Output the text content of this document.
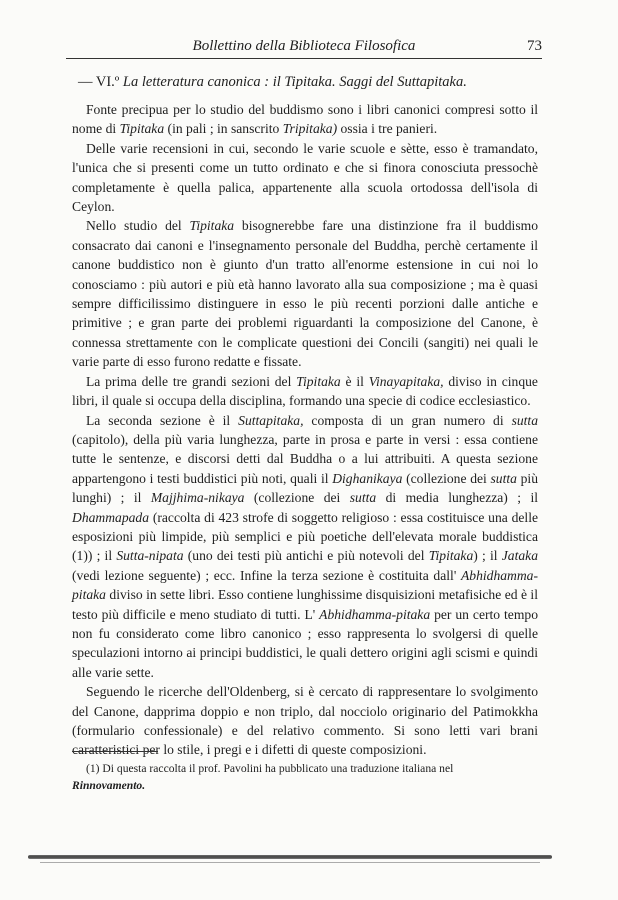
Bollettino della Biblioteca Filosofica	73
— VI.º La letteratura canonica : il Tipitaka. Saggi del Suttapitaka.

Fonte precipua per lo studio del buddismo sono i libri canonici compresi sotto il nome di Tipitaka (in pali ; in sanscrito Tripitaka) ossia i tre panieri.

Delle varie recensioni in cui, secondo le varie scuole e sètte, esso è tramandato, l'unica che si presenti come un tutto ordinato e che si finora conosciuta pressochè completamente è quella palica, appartenente alla scuola ortodossa dell'isola di Ceylon.

Nello studio del Tipitaka bisognerebbe fare una distinzione fra il buddismo consacrato dai canoni e l'insegnamento personale del Buddha, perchè certamente il canone buddistico non è giunto d'un tratto all'enorme estensione in cui noi lo conosciamo : più autori e più età hanno lavorato alla sua composizione ; ma è quasi sempre difficilissimo distinguere in esso le più recenti porzioni dalle antiche e primitive ; e gran parte dei problemi riguardanti la composizione del Canone, è connessa strettamente con le complicate questioni dei Concili (sangiti) nei quali le varie parte di esso furono redatte e fissate.

La prima delle tre grandi sezioni del Tipitaka è il Vinayapitaka, diviso in cinque libri, il quale si occupa della disciplina, formando una specie di codice ecclesiastico.

La seconda sezione è il Suttapitaka, composta di un gran numero di sutta (capitolo), della più varia lunghezza, parte in prosa e parte in versi : essa contiene tutte le sentenze, e discorsi detti dal Buddha o a lui attribuiti. A questa sezione appartengono i testi buddistici più noti, quali il Dighanikaya (collezione dei sutta più lunghi) ; il Majjhima-nikaya (collezione dei sutta di media lunghezza) ; il Dhammapada (raccolta di 423 strofe di soggetto religioso : essa costituisce una delle esposizioni più limpide, più semplici e più poetiche dell'elevata morale buddistica (1)) ; il Sutta-nipata (uno dei testi più antichi e più notevoli del Tipitaka) ; il Jataka (vedi lezione seguente) ; ecc. Infine la terza sezione è costituita dall' Abhidhamma-pitaka diviso in sette libri. Esso contiene lunghissime disquisizioni metafisiche ed è il testo più difficile e meno studiato di tutti. L' Abhidhamma-pitaka per un certo tempo non fu considerato come libro canonico ; esso rappresenta lo svolgersi di quelle speculazioni intorno ai principi buddistici, le quali dettero origini agli scismi e quindi alle varie sette.

Seguendo le ricerche dell'Oldenberg, si è cercato di rappresentare lo svolgimento del Canone, dapprima doppio e non triplo, dal nocciolo originario del Patimokkha (formulario confessionale) e del relativo commento. Si sono letti vari brani caratteristici per lo stile, i pregi e i difetti di queste composizioni.

(1) Di questa raccolta il prof. Pavolini ha pubblicato una traduzione italiana nel
Rinnovamento.
